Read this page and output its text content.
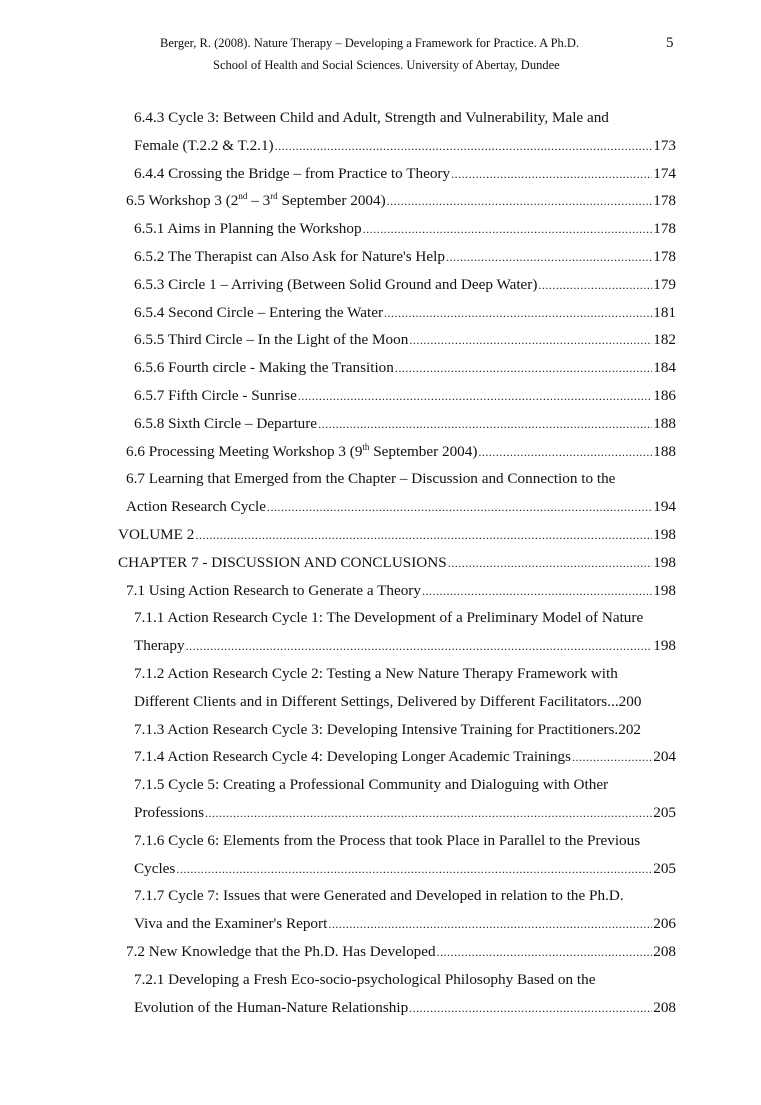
Berger, R. (2008). Nature Therapy – Developing a Framework for Practice. A Ph.D.
School of Health and Social Sciences. University of Abertay, Dundee
5
6.4.3 Cycle 3: Between Child and Adult, Strength and Vulnerability, Male and
Female (T.2.2 & T.2.1) .....	173
6.4.4 Crossing the Bridge – from Practice to Theory .....	174
6.5 Workshop 3 (2nd – 3rd September 2004) .....	178
6.5.1 Aims in Planning the Workshop .....	178
6.5.2 The Therapist can Also Ask for Nature's Help .....	178
6.5.3 Circle 1 – Arriving (Between Solid Ground and Deep Water) .....	179
6.5.4 Second Circle – Entering the Water .....	181
6.5.5 Third Circle – In the Light of the Moon .....	182
6.5.6 Fourth circle - Making the Transition .....	184
6.5.7 Fifth Circle - Sunrise .....	186
6.5.8 Sixth Circle – Departure .....	188
6.6 Processing Meeting Workshop 3 (9th September 2004) .....	188
6.7 Learning that Emerged from the Chapter – Discussion and Connection to the
Action Research Cycle .....	194
VOLUME 2 .....	198
CHAPTER 7 - DISCUSSION AND CONCLUSIONS .....	198
7.1 Using Action Research to Generate a Theory .....	198
7.1.1 Action Research Cycle 1: The Development of a Preliminary Model of Nature
Therapy .....	198
7.1.2 Action Research Cycle 2: Testing a New Nature Therapy Framework with
Different Clients and in Different Settings, Delivered by Different Facilitators... 200
7.1.3 Action Research Cycle 3: Developing Intensive Training for Practitioners. 202
7.1.4 Action Research Cycle 4: Developing Longer Academic Trainings .....	204
7.1.5 Cycle 5: Creating a Professional Community and Dialoguing with Other
Professions .....	205
7.1.6 Cycle 6: Elements from the Process that took Place in Parallel to the Previous
Cycles .....	205
7.1.7 Cycle 7: Issues that were Generated and Developed in relation to the Ph.D.
Viva and the Examiner's Report .....	206
7.2 New Knowledge that the Ph.D. Has Developed .....	208
7.2.1 Developing a Fresh Eco-socio-psychological Philosophy Based on the
Evolution of the Human-Nature Relationship .....	208
